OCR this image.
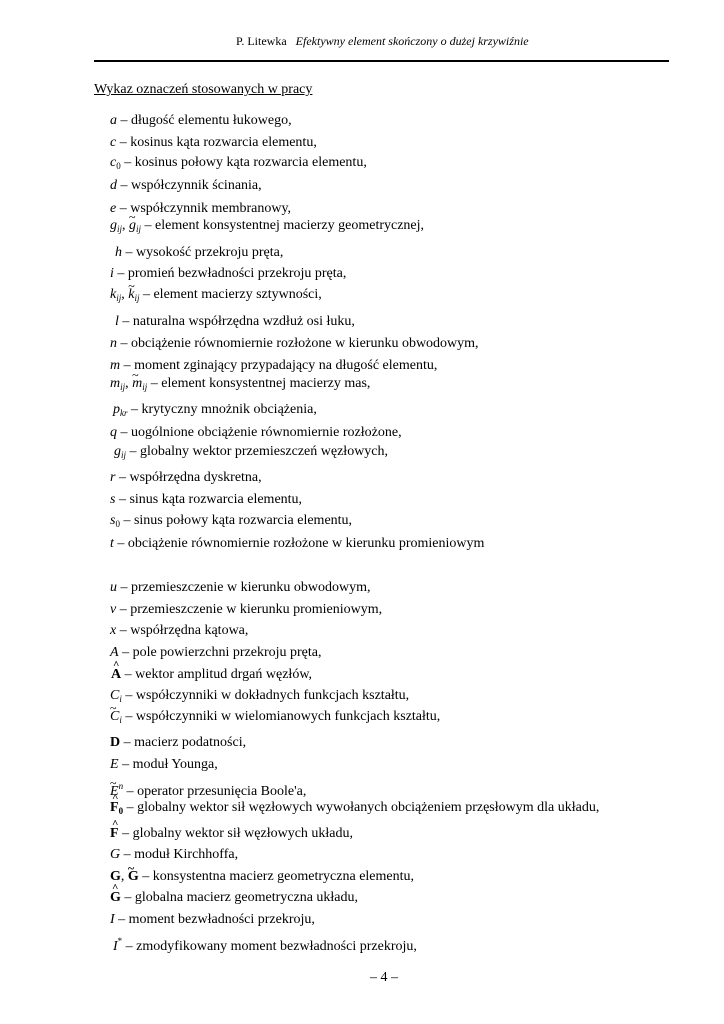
P. Litewka Efektywny element skończony o dużej krzywiźnie
Wykaz oznaczeń stosowanych w pracy
a – długość elementu łukowego,
c – kosinus kąta rozwarcia elementu,
$c_0$ – kosinus połowy kąta rozwarcia elementu,
d – współczynnik ścinania,
e – współczynnik membranowy,
$g_{ij}$, ~ $g_{ij}$ – element konsystentnej macierzy geometrycznej,
h – wysokość przekroju pręta,
i – promień bezwładności przekroju pręta,
$k_{ij}$, ~ $k_{ij}$ – element macierzy sztywności,
l – naturalna współrzędna wzdłuż osi łuku,
n – obciążenie równomiernie rozłożone w kierunku obwodowym,
m – moment zginający przypadający na długość elementu,
$m_{ij}$, ~ $m_{ij}$ – element konsystentnej macierzy mas,
$p_{kr}$ – krytyczny mnożnik obciążenia,
q – uogólnione obciążenie równomiernie rozłożone,
$g_{ij}$ – globalny wektor przemieszczeń węzłowych,
r – współrzędna dyskretna,
s – sinus kąta rozwarcia elementu,
$s_0$ – sinus połowy kąta rozwarcia elementu,
t – obciążenie równomiernie rozłożone w kierunku promieniowym
u – przemieszczenie w kierunku obwodowym,
v – przemieszczenie w kierunku promieniowym,
x – współrzędna kątowa,
A – pole powierzchni przekroju pręta,
^ A – wektor amplitud drgań węzłów,
$C_i$ – współczynniki w dokładnych funkcjach kształtu,
~ $C_i$ – współczynniki w wielomianowych funkcjach kształtu,
D – macierz podatności,
E – moduł Younga,
~ $E^n$ – operator przesunięcia Boole'a,
^ $F_0$ – globalny wektor sił węzłowych wywołanych obciążeniem przęsłowym dla układu,
^ F – globalny wektor sił węzłowych układu,
G – moduł Kirchhoffa,
G, ~ G – konsystentna macierz geometryczna elementu,
^ G – globalna macierz geometryczna układu,
I – moment bezwładności przekroju,
I* – zmodyfikowany moment bezwładności przekroju,
– 4 –
